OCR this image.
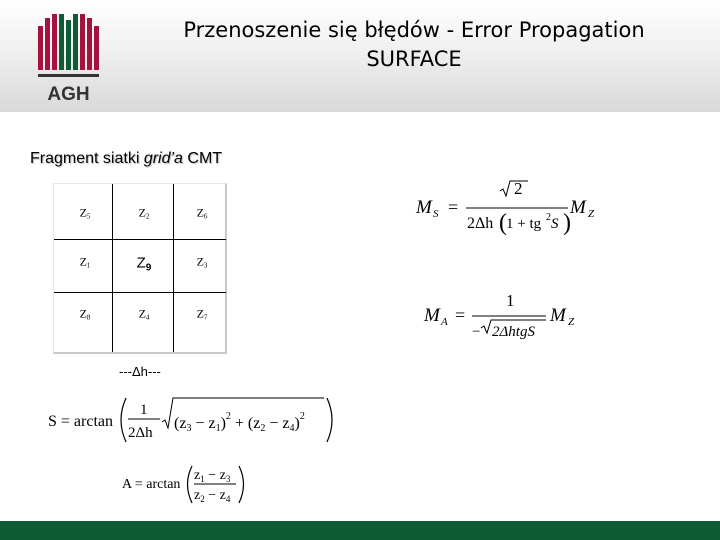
AGH
Przenoszenie się błędów - Error Propagation
SURFACE
Fragment siatki grid’a CMT
$Z_5$	$Z_2$	$Z_6$
$Z_1$	$Z_9$	$Z_3$
$Z_8$	$Z_4$	$Z_7$
---Δh---
M S =
2
2Δh ( 1 + tg 2 S )
M Z
M A =
1
− 2ΔhtgS
M Z
S = arctan
1
2Δh
$(z3 - z1)^2 + (z2 - z4)^2$
A = arctan
$z_1 - z_3$
$z_2 - z_4$
